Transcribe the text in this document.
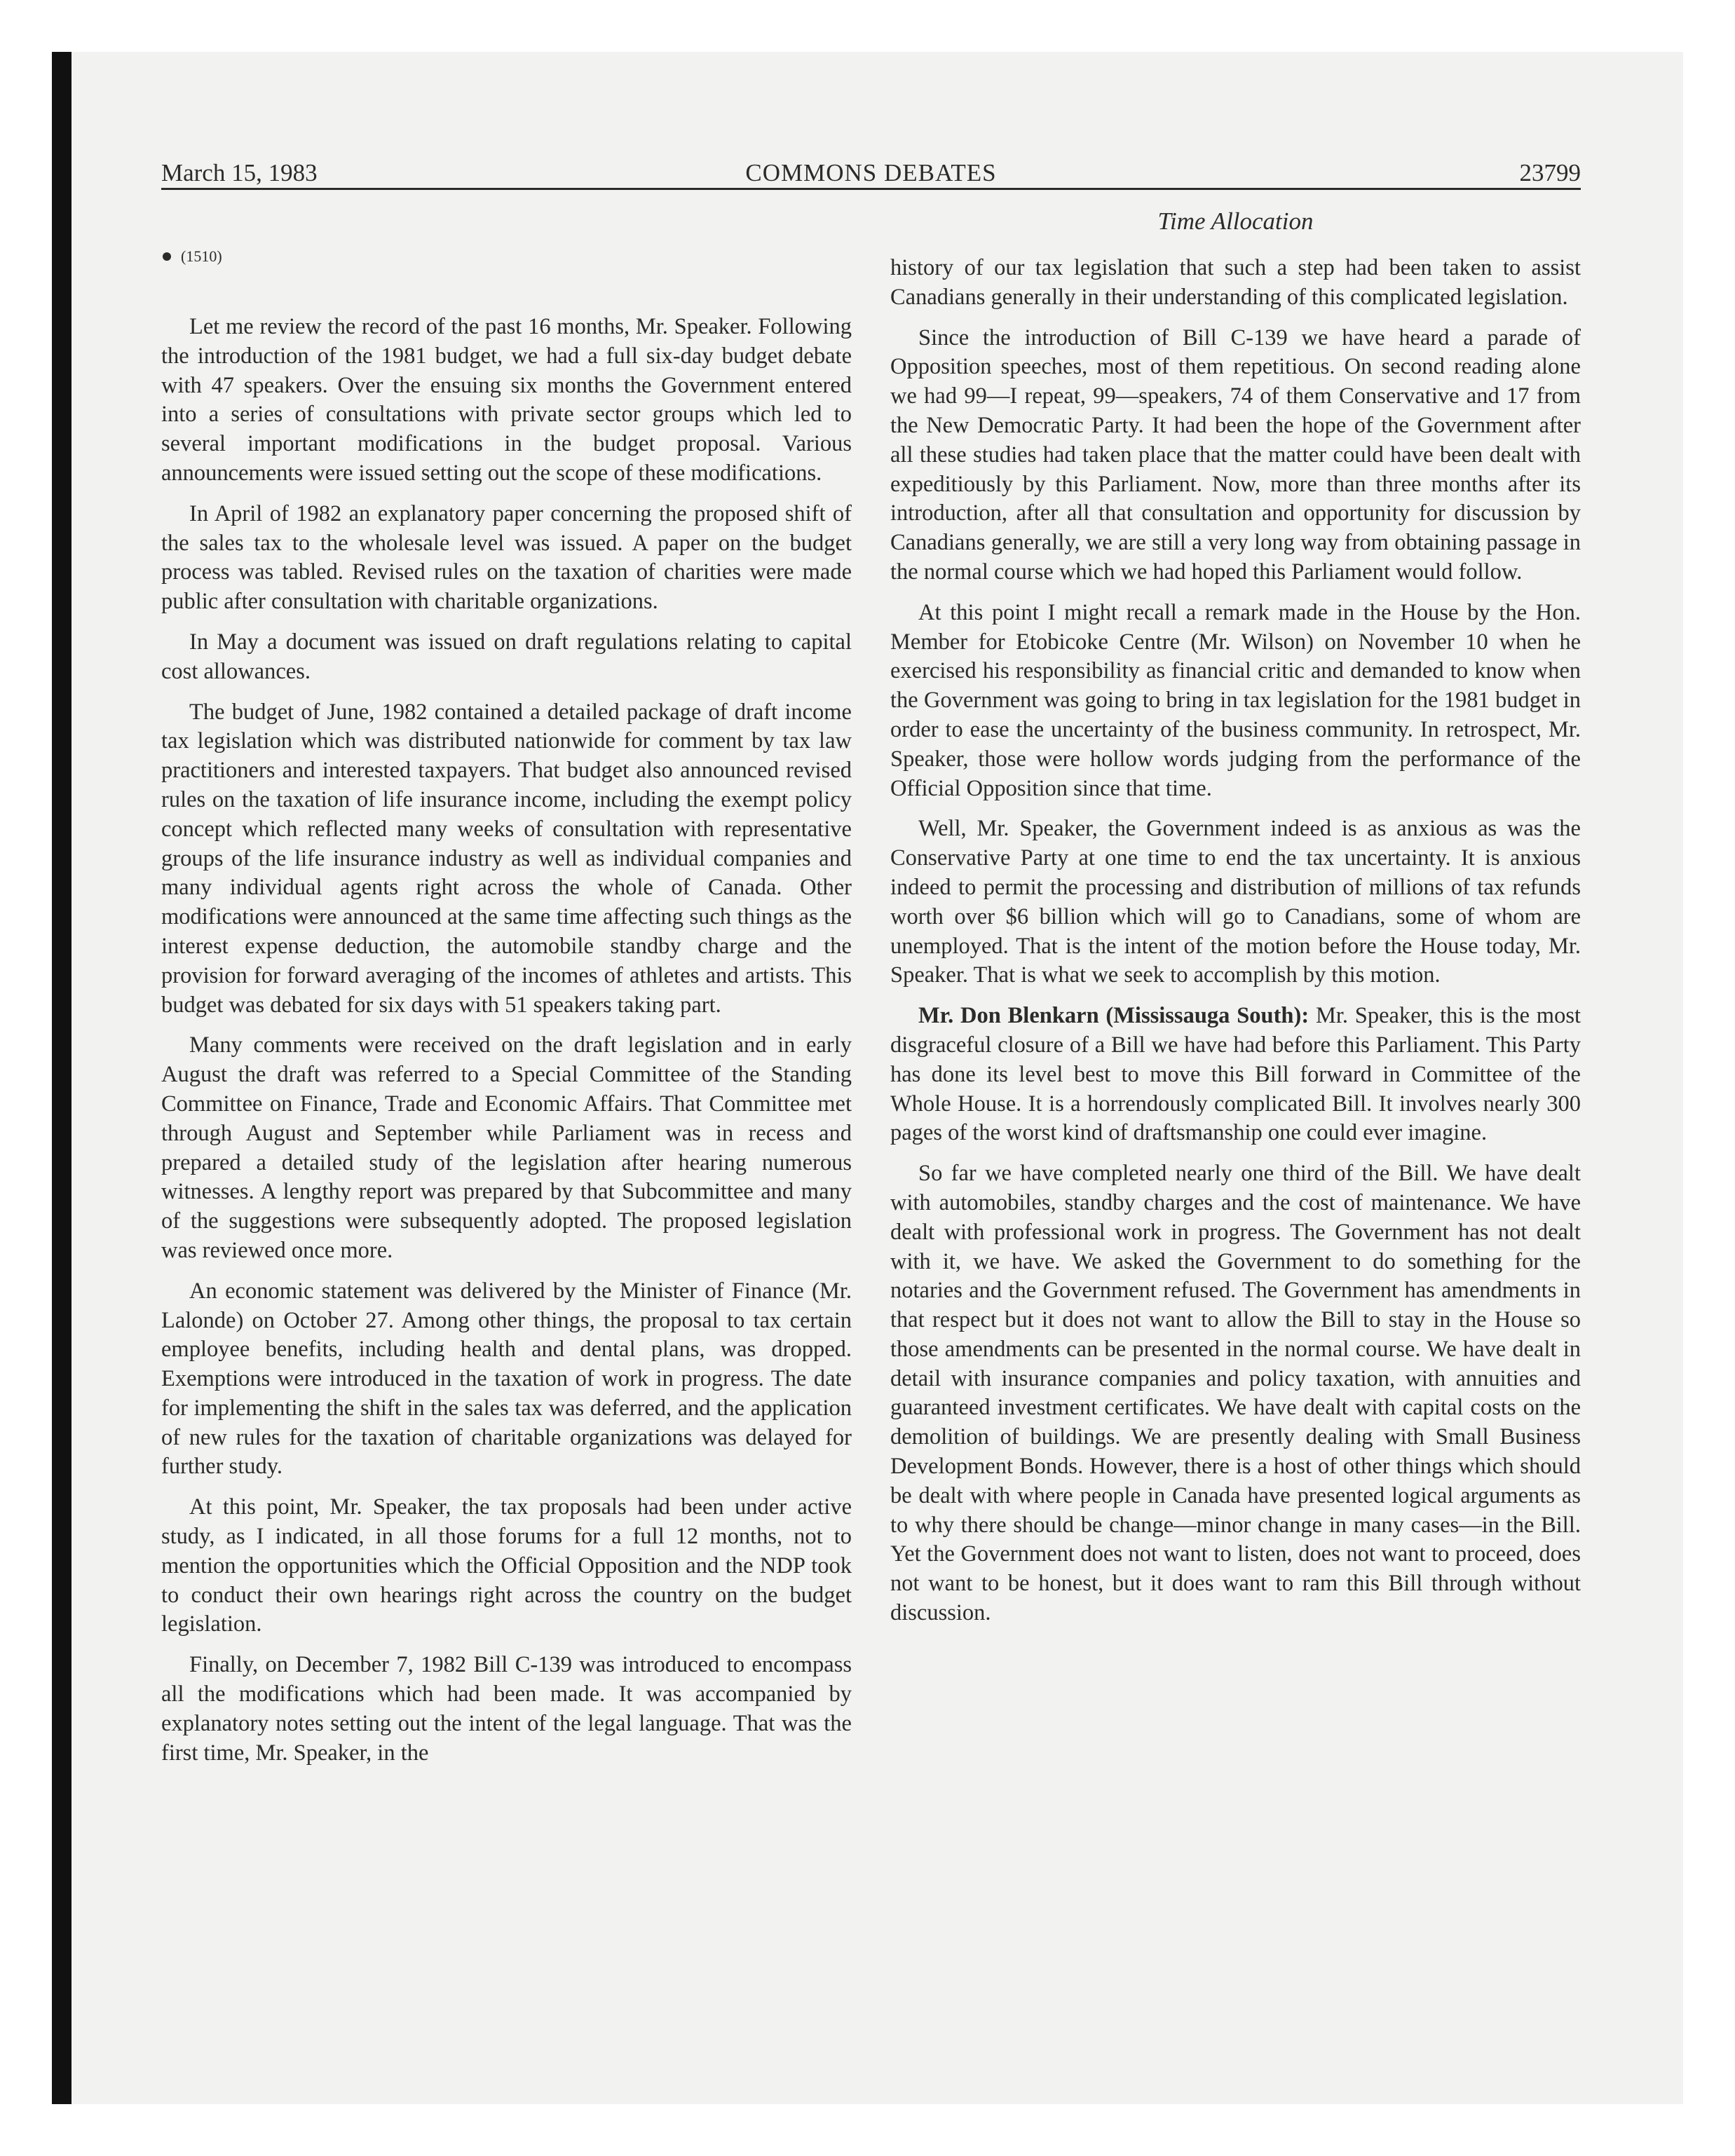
March 15, 1983	COMMONS DEBATES	23799
Time Allocation
(1510)

Let me review the record of the past 16 months, Mr. Speaker. Following the introduction of the 1981 budget, we had a full six-day budget debate with 47 speakers. Over the ensuing six months the Government entered into a series of consultations with private sector groups which led to several important modifications in the budget proposal. Various announcements were issued setting out the scope of these modifications.

In April of 1982 an explanatory paper concerning the proposed shift of the sales tax to the wholesale level was issued. A paper on the budget process was tabled. Revised rules on the taxation of charities were made public after consultation with charitable organizations.

In May a document was issued on draft regulations relating to capital cost allowances.

The budget of June, 1982 contained a detailed package of draft income tax legislation which was distributed nationwide for comment by tax law practitioners and interested taxpayers. That budget also announced revised rules on the taxation of life insurance income, including the exempt policy concept which reflected many weeks of consultation with representative groups of the life insurance industry as well as individual companies and many individual agents right across the whole of Canada. Other modifications were announced at the same time affecting such things as the interest expense deduction, the automobile standby charge and the provision for forward averaging of the incomes of athletes and artists. This budget was debated for six days with 51 speakers taking part.

Many comments were received on the draft legislation and in early August the draft was referred to a Special Committee of the Standing Committee on Finance, Trade and Economic Affairs. That Committee met through August and September while Parliament was in recess and prepared a detailed study of the legislation after hearing numerous witnesses. A lengthy report was prepared by that Subcommittee and many of the suggestions were subsequently adopted. The proposed legislation was reviewed once more.

An economic statement was delivered by the Minister of Finance (Mr. Lalonde) on October 27. Among other things, the proposal to tax certain employee benefits, including health and dental plans, was dropped. Exemptions were introduced in the taxation of work in progress. The date for implementing the shift in the sales tax was deferred, and the application of new rules for the taxation of charitable organizations was delayed for further study.

At this point, Mr. Speaker, the tax proposals had been under active study, as I indicated, in all those forums for a full 12 months, not to mention the opportunities which the Official Opposition and the NDP took to conduct their own hearings right across the country on the budget legislation.

Finally, on December 7, 1982 Bill C-139 was introduced to encompass all the modifications which had been made. It was accompanied by explanatory notes setting out the intent of the legal language. That was the first time, Mr. Speaker, in the

history of our tax legislation that such a step had been taken to assist Canadians generally in their understanding of this complicated legislation.

Since the introduction of Bill C-139 we have heard a parade of Opposition speeches, most of them repetitious. On second reading alone we had 99—I repeat, 99—speakers, 74 of them Conservative and 17 from the New Democratic Party. It had been the hope of the Government after all these studies had taken place that the matter could have been dealt with expeditiously by this Parliament. Now, more than three months after its introduction, after all that consultation and opportunity for discussion by Canadians generally, we are still a very long way from obtaining passage in the normal course which we had hoped this Parliament would follow.

At this point I might recall a remark made in the House by the Hon. Member for Etobicoke Centre (Mr. Wilson) on November 10 when he exercised his responsibility as financial critic and demanded to know when the Government was going to bring in tax legislation for the 1981 budget in order to ease the uncertainty of the business community. In retrospect, Mr. Speaker, those were hollow words judging from the performance of the Official Opposition since that time.

Well, Mr. Speaker, the Government indeed is as anxious as was the Conservative Party at one time to end the tax uncertainty. It is anxious indeed to permit the processing and distribution of millions of tax refunds worth over $6 billion which will go to Canadians, some of whom are unemployed. That is the intent of the motion before the House today, Mr. Speaker. That is what we seek to accomplish by this motion.

Mr. Don Blenkarn (Mississauga South): Mr. Speaker, this is the most disgraceful closure of a Bill we have had before this Parliament. This Party has done its level best to move this Bill forward in Committee of the Whole House. It is a horrendously complicated Bill. It involves nearly 300 pages of the worst kind of draftsmanship one could ever imagine.

So far we have completed nearly one third of the Bill. We have dealt with automobiles, standby charges and the cost of maintenance. We have dealt with professional work in progress. The Government has not dealt with it, we have. We asked the Government to do something for the notaries and the Government refused. The Government has amendments in that respect but it does not want to allow the Bill to stay in the House so those amendments can be presented in the normal course. We have dealt in detail with insurance companies and policy taxation, with annuities and guaranteed investment certificates. We have dealt with capital costs on the demolition of buildings. We are presently dealing with Small Business Development Bonds. However, there is a host of other things which should be dealt with where people in Canada have presented logical arguments as to why there should be change—minor change in many cases—in the Bill. Yet the Government does not want to listen, does not want to proceed, does not want to be honest, but it does want to ram this Bill through without discussion.
